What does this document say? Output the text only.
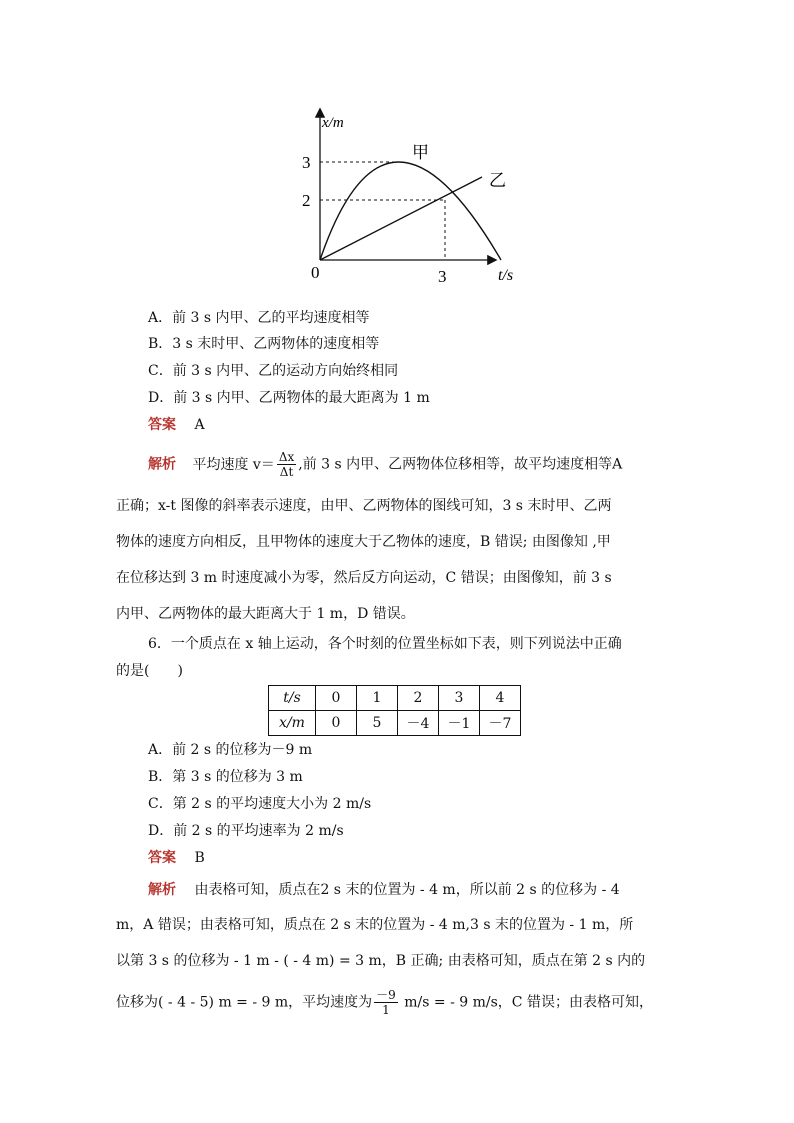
x/m
3
2
0	3	t/s
甲
乙
A．前 3 s 内甲、乙的平均速度相等
B．3 s 末时甲、乙两物体的速度相等
C．前 3 s 内甲、乙的运动方向始终相同
D．前 3 s 内甲、乙两物体的最大距离为 1 m
答案 A
解析 平均速度 $v= \frac{\Delta x}{\Delta t}$ ,前 3 s 内甲、乙两物体位移相等，故平均速度相等A
正确；x-t 图像的斜率表示速度，由甲、乙两物体的图线可知，3 s 末时甲、乙两
物体的速度方向相反，且甲物体的速度大于乙物体的速度，B 错误; 由图像知 ,甲
在位移达到 3 m 时速度减小为零，然后反方向运动，C 错误；由图像知，前 3 s
内甲、乙两物体的最大距离大于 1 m，D 错误。
6．一个质点在 x 轴上运动，各个时刻的位置坐标如下表，则下列说法中正确
的是(　　)
t/s	0	1	2	3	4
x/m	0	5	－4	－1	－7
A．前 2 s 的位移为－9 m
B．第 3 s 的位移为 3 m
C．第 2 s 的平均速度大小为 2 m/s
D．前 2 s 的平均速率为 2 m/s
答案 B
解析 由表格可知，质点在2 s 末的位置为 - 4 m，所以前 2 s 的位移为 - 4
m，A 错误；由表格可知，质点在 2 s 末的位置为 - 4 m,3 s 末的位置为 - 1 m，所
以第 3 s 的位移为 - 1 m - ( - 4 m) = 3 m，B 正确; 由表格可知，质点在第 2 s 内的
位移为( - 4 - 5) m = - 9 m，平均速度为 $\frac{-9}{1} m/s$ = - 9 m/s，C 错误；由表格可知，
